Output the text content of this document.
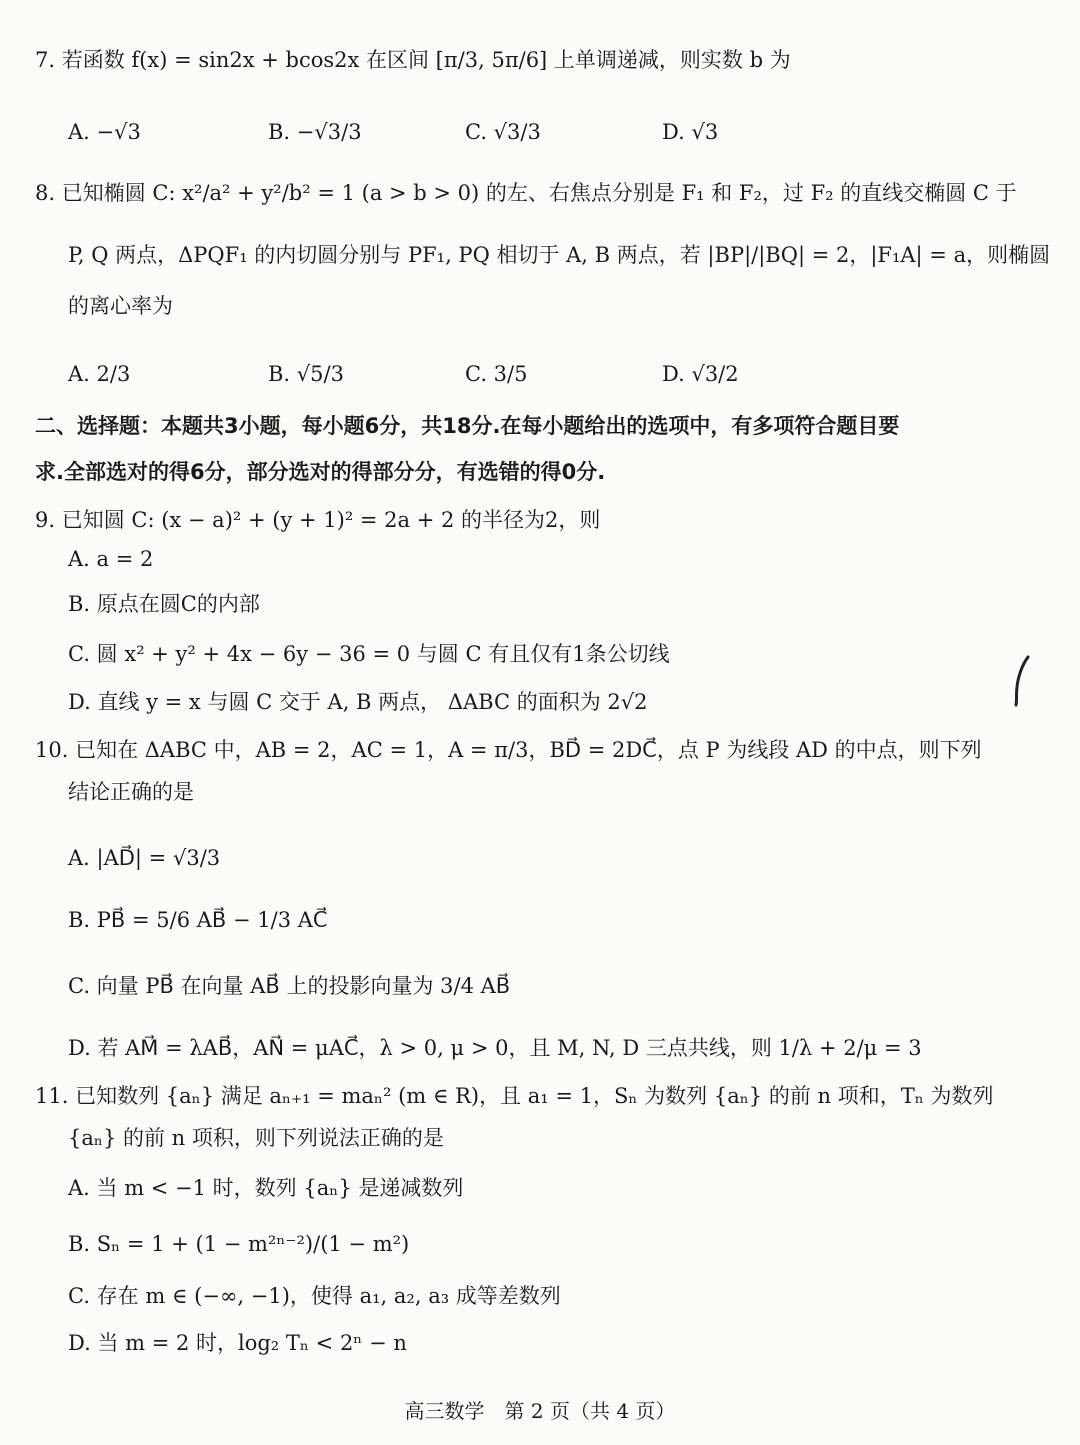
7. 若函数 f(x) = sin2x + bcos2x 在区间 [π/3, 5π/6] 上单调递减，则实数 b 为
A. −√3	B. −√3/3	C. √3/3	D. √3
8. 已知椭圆 C: x²/a² + y²/b² = 1 (a > b > 0) 的左、右焦点分别是 F₁ 和 F₂，过 F₂ 的直线交椭圆 C 于
P, Q 两点，ΔPQF₁ 的内切圆分别与 PF₁, PQ 相切于 A, B 两点，若 |BP|/|BQ| = 2，|F₁A| = a，则椭圆
的离心率为
A. 2/3	B. √5/3	C. 3/5	D. √3/2
二、选择题：本题共3小题，每小题6分，共18分.在每小题给出的选项中，有多项符合题目要
求.全部选对的得6分，部分选对的得部分分，有选错的得0分.
9. 已知圆 C: (x − a)² + (y + 1)² = 2a + 2 的半径为2，则
A. a = 2
B. 原点在圆C的内部
C. 圆 x² + y² + 4x − 6y − 36 = 0 与圆 C 有且仅有1条公切线
D. 直线 y = x 与圆 C 交于 A, B 两点， ΔABC 的面积为 2√2
10. 已知在 ΔABC 中，AB = 2，AC = 1，A = π/3，BD⃗ = 2DC⃗，点 P 为线段 AD 的中点，则下列
结论正确的是
A. |AD⃗| = √3/3
B. PB⃗ = 5/6 AB⃗ − 1/3 AC⃗
C. 向量 PB⃗ 在向量 AB⃗ 上的投影向量为 3/4 AB⃗
D. 若 AM⃗ = λAB⃗，AN⃗ = μAC⃗，λ > 0, μ > 0，且 M, N, D 三点共线，则 1/λ + 2/μ = 3
11. 已知数列 {aₙ} 满足 aₙ₊₁ = maₙ² (m ∈ R)，且 a₁ = 1，Sₙ 为数列 {aₙ} 的前 n 项和，Tₙ 为数列
{aₙ} 的前 n 项积，则下列说法正确的是
A. 当 m < −1 时，数列 {aₙ} 是递减数列
B. Sₙ = 1 + (1 − m²ⁿ⁻²)/(1 − m²)
C. 存在 m ∈ (−∞, −1)，使得 a₁, a₂, a₃ 成等差数列
D. 当 m = 2 时，log₂ Tₙ < 2ⁿ − n
高三数学　第 2 页（共 4 页）
